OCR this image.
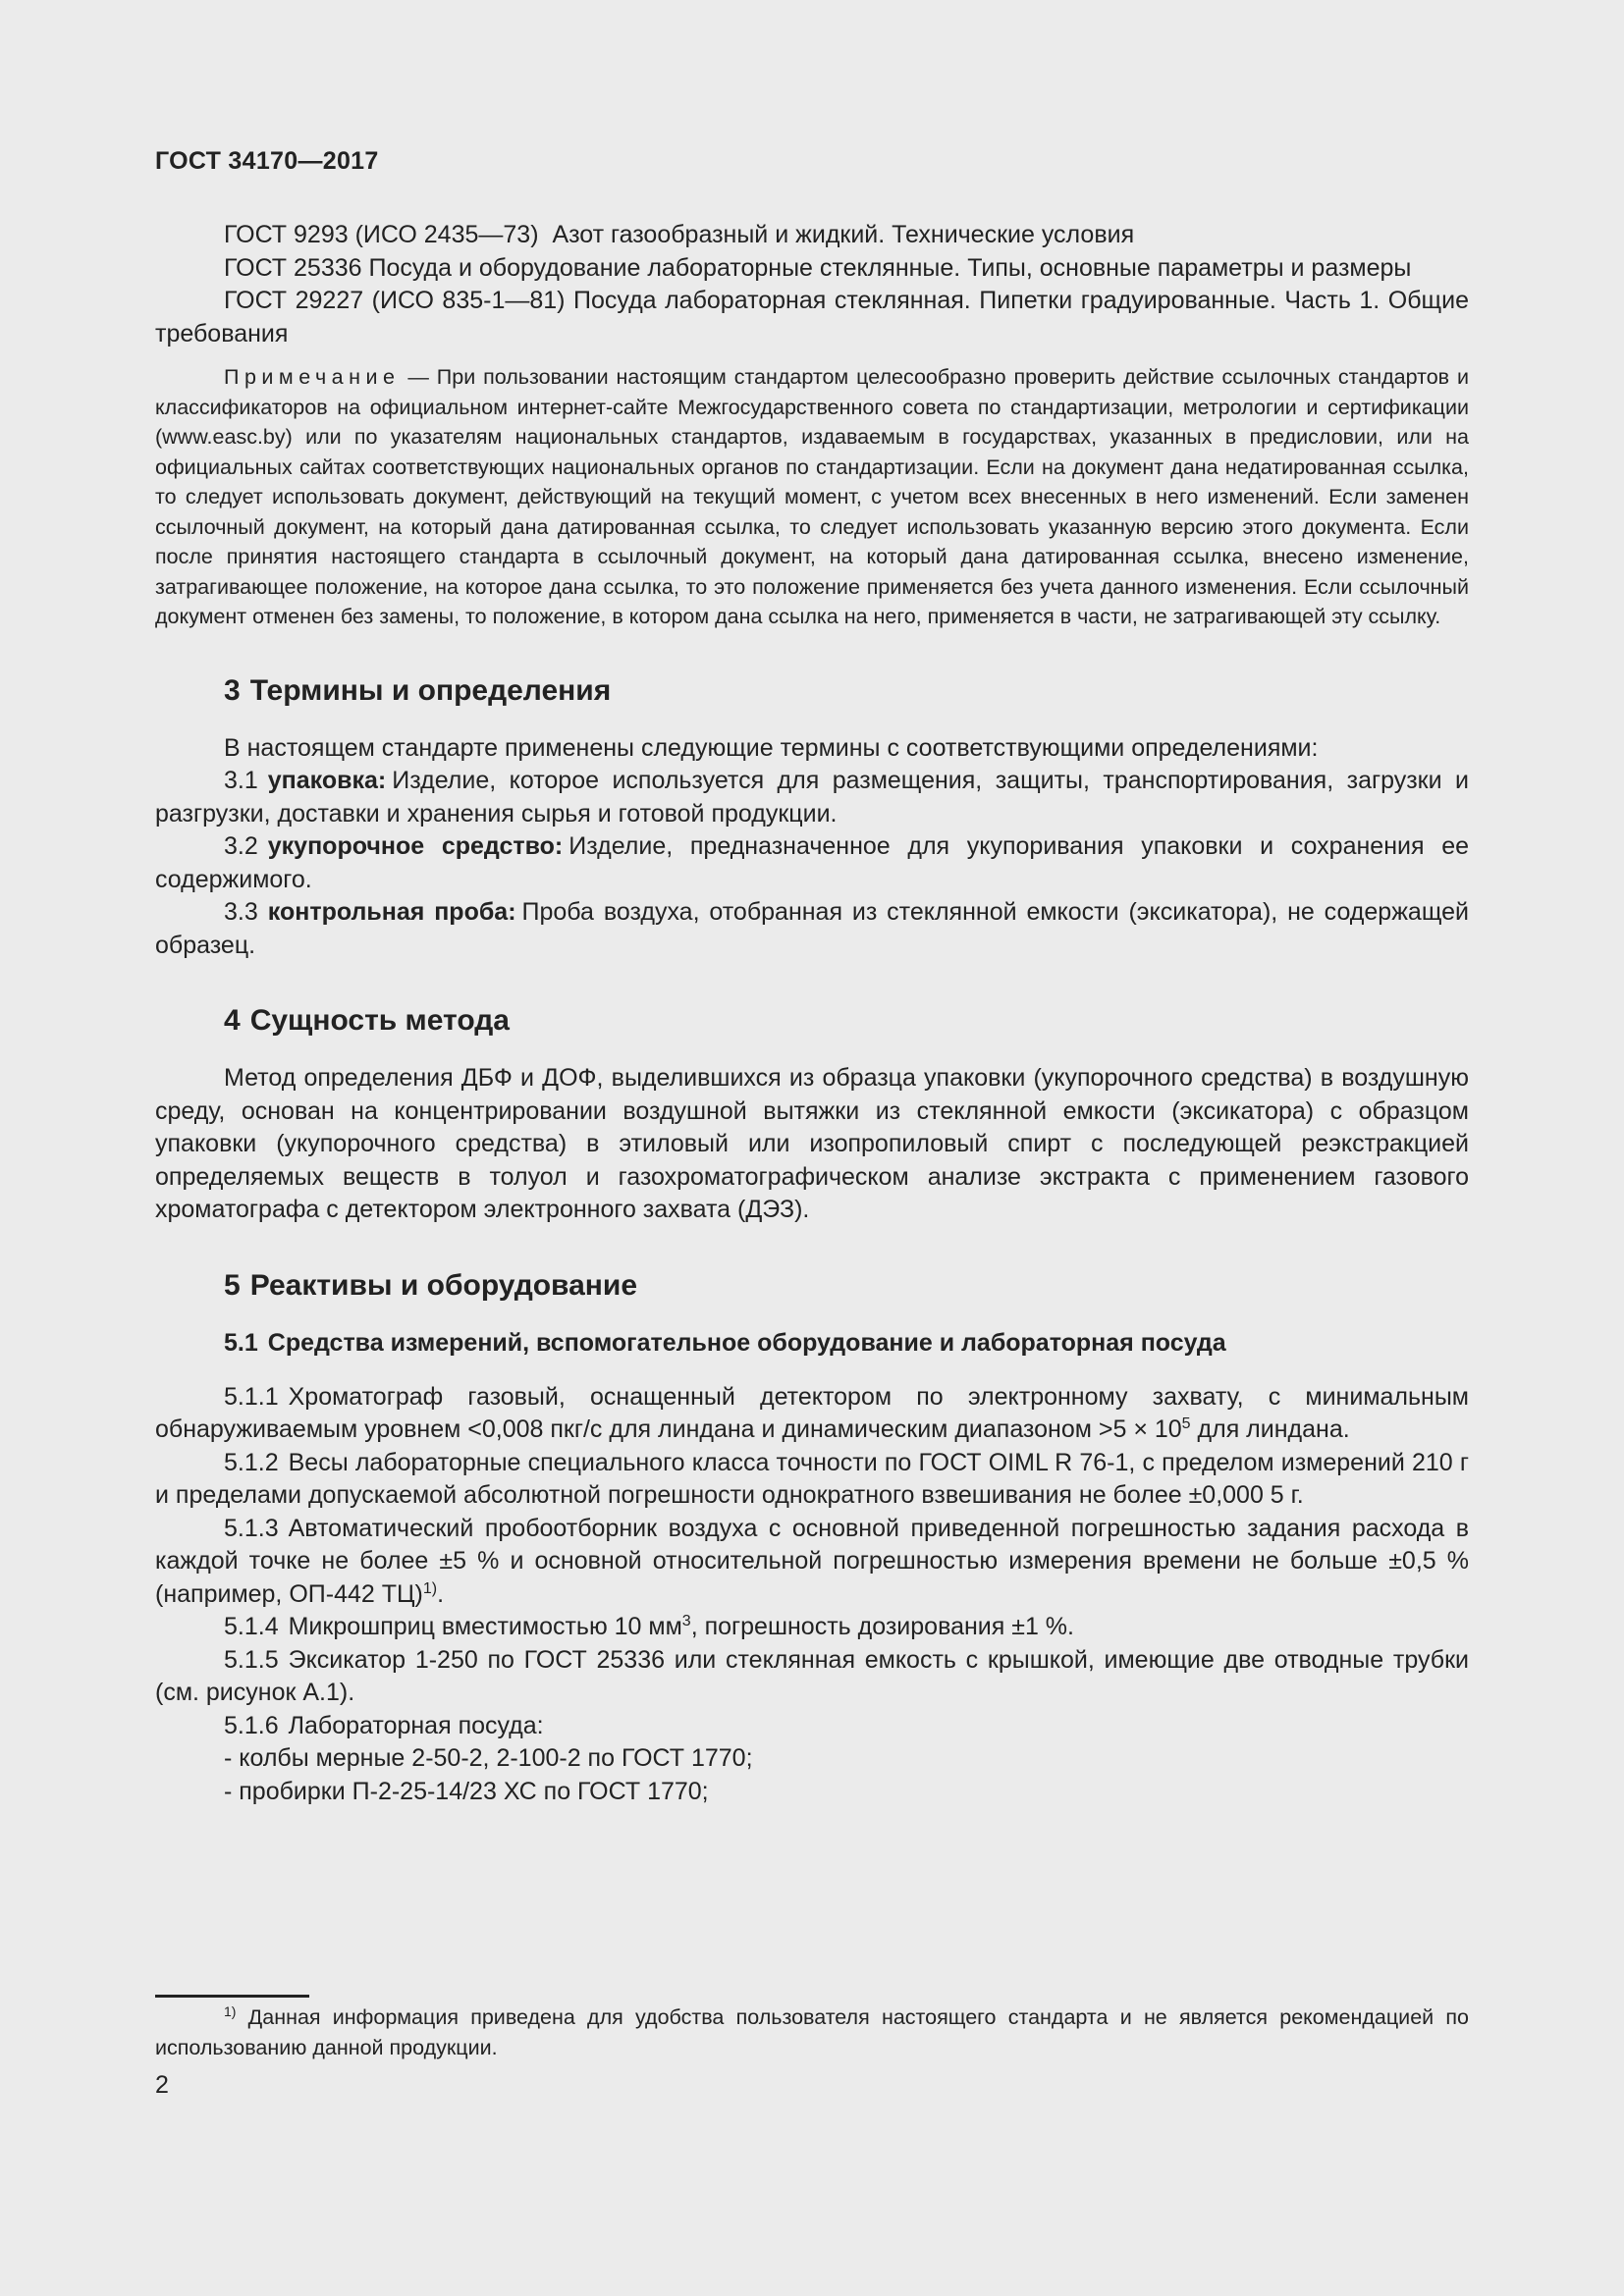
ГОСТ 34170—2017

ГОСТ 9293 (ИСО 2435—73) Азот газообразный и жидкий. Технические условия

ГОСТ 25336 Посуда и оборудование лабораторные стеклянные. Типы, основные параметры и размеры

ГОСТ 29227 (ИСО 835-1—81) Посуда лабораторная стеклянная. Пипетки градуированные. Часть 1. Общие требования

Примечание — При пользовании настоящим стандартом целесообразно проверить действие ссылочных стандартов и классификаторов на официальном интернет-сайте Межгосударственного совета по стандартизации, метрологии и сертификации (www.easc.by) или по указателям национальных стандартов, издаваемым в государствах, указанных в предисловии, или на официальных сайтах соответствующих национальных органов по стандартизации. Если на документ дана недатированная ссылка, то следует использовать документ, действующий на текущий момент, с учетом всех внесенных в него изменений. Если заменен ссылочный документ, на который дана датированная ссылка, то следует использовать указанную версию этого документа. Если после принятия настоящего стандарта в ссылочный документ, на который дана датированная ссылка, внесено изменение, затрагивающее положение, на которое дана ссылка, то это положение применяется без учета данного изменения. Если ссылочный документ отменен без замены, то положение, в котором дана ссылка на него, применяется в части, не затрагивающей эту ссылку.
3 Термины и определения

В настоящем стандарте применены следующие термины с соответствующими определениями:

3.1 упаковка: Изделие, которое используется для размещения, защиты, транспортирования, загрузки и разгрузки, доставки и хранения сырья и готовой продукции.

3.2 укупорочное средство: Изделие, предназначенное для укупоривания упаковки и сохранения ее содержимого.

3.3 контрольная проба: Проба воздуха, отобранная из стеклянной емкости (эксикатора), не содержащей образец.

4 Сущность метода

Метод определения ДБФ и ДОФ, выделившихся из образца упаковки (укупорочного средства) в воздушную среду, основан на концентрировании воздушной вытяжки из стеклянной емкости (эксикатора) с образцом упаковки (укупорочного средства) в этиловый или изопропиловый спирт с последующей реэкстракцией определяемых веществ в толуол и газохроматографическом анализе экстракта с применением газового хроматографа с детектором электронного захвата (ДЭЗ).

5 Реактивы и оборудование
5.1 Средства измерений, вспомогательное оборудование и лабораторная посуда

5.1.1 Хроматограф газовый, оснащенный детектором по электронному захвату, с минимальным обнаруживаемым уровнем <0,008 пкг/с для линдана и динамическим диапазоном $>5 \times 10^5$ для линдана.

5.1.2 Весы лабораторные специального класса точности по ГОСТ OIML R 76-1, с пределом измерений 210 г и пределами допускаемой абсолютной погрешности однократного взвешивания не более ±0,000 5 г.

5.1.3 Автоматический пробоотборник воздуха с основной приведенной погрешностью задания расхода в каждой точке не более ±5 % и основной относительной погрешностью измерения времени не больше ±0,5 % (например, ОП-442 ТЦ)$^{1)}$.

5.1.4 Микрошприц вместимостью 10 $мм^3$, погрешность дозирования ±1 %.

5.1.5 Эксикатор 1-250 по ГОСТ 25336 или стеклянная емкость с крышкой, имеющие две отводные трубки (см. рисунок А.1).

5.1.6 Лабораторная посуда:

- колбы мерные 2-50-2, 2-100-2 по ГОСТ 1770;

- пробирки П-2-25-14/23 ХС по ГОСТ 1770;

$^{1)}$ Данная информация приведена для удобства пользователя настоящего стандарта и не является рекомендацией по использованию данной продукции.
2
